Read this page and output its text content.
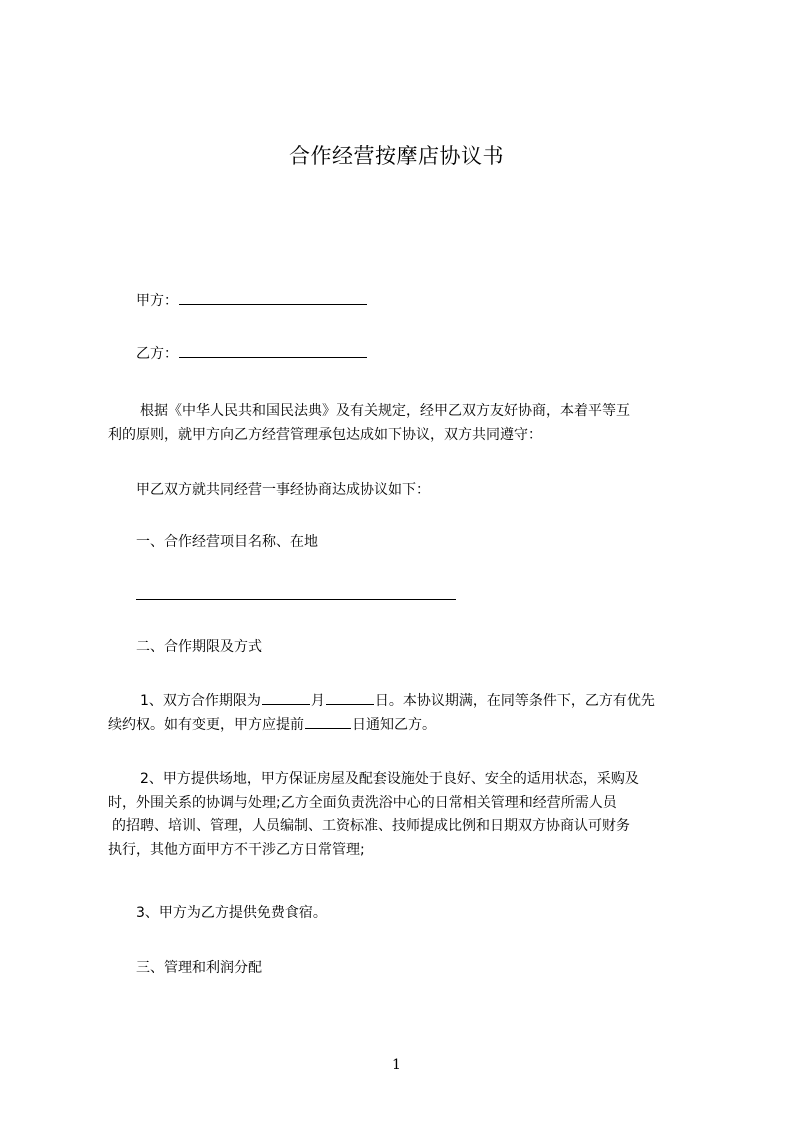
合作经营按摩店协议书
甲方：
乙方：
根据《中华人民共和国民法典》及有关规定，经甲乙双方友好协商，本着平等互
利的原则，就甲方向乙方经营管理承包达成如下协议，双方共同遵守：
甲乙双方就共同经营一事经协商达成协议如下：
一、合作经营项目名称、在地
二、合作期限及方式
1、双方合作期限为	月	日。本协议期满，在同等条件下，乙方有优先
续约权。如有变更，甲方应提前	日通知乙方。
2、甲方提供场地，甲方保证房屋及配套设施处于良好、安全的适用状态，采购及
时，外围关系的协调与处理;乙方全面负责洗浴中心的日常相关管理和经营所需人员
的招聘、培训、管理，人员编制、工资标准、技师提成比例和日期双方协商认可财务
执行，其他方面甲方不干涉乙方日常管理;
3、甲方为乙方提供免费食宿。
三、管理和利润分配
1
